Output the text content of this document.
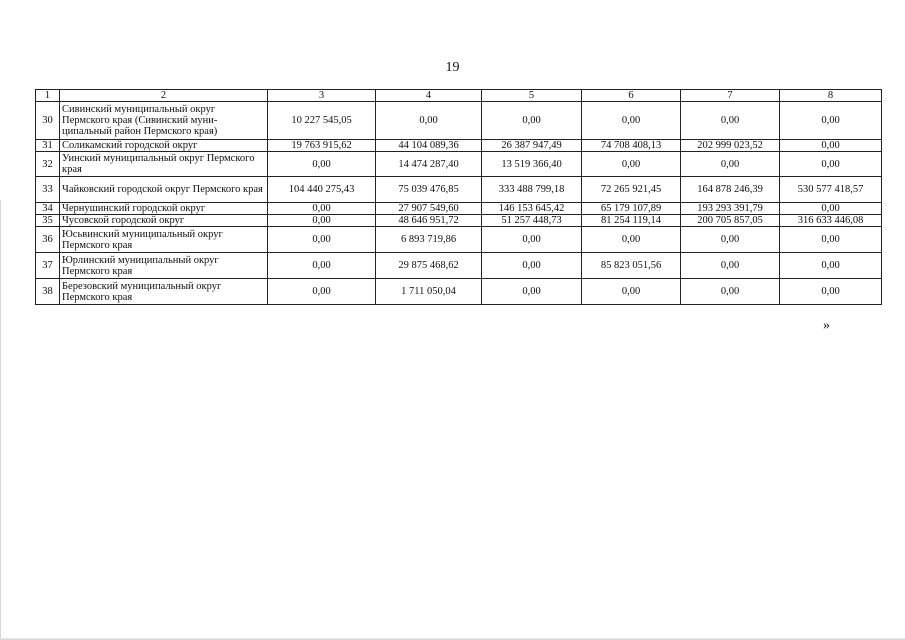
19
1	2	3	4	5	6	7	8
30	Сивинский муниципальный округ Пермского края (Сивинский муни-ципальный район Пермского края)	10 227 545,05	0,00	0,00	0,00	0,00	0,00
31	Соликамский городской округ	19 763 915,62	44 104 089,36	26 387 947,49	74 708 408,13	202 999 023,52	0,00
32	Уинский муниципальный округ Пермского края	0,00	14 474 287,40	13 519 366,40	0,00	0,00	0,00
33	Чайковский городской округ Пермского края	104 440 275,43	75 039 476,85	333 488 799,18	72 265 921,45	164 878 246,39	530 577 418,57
34	Чернушинский городской округ	0,00	27 907 549,60	146 153 645,42	65 179 107,89	193 293 391,79	0,00
35	Чусовской городской округ	0,00	48 646 951,72	51 257 448,73	81 254 119,14	200 705 857,05	316 633 446,08
36	Юсьвинский муниципальный округ Пермского края	0,00	6 893 719,86	0,00	0,00	0,00	0,00
37	Юрлинский муниципальный округ Пермского края	0,00	29 875 468,62	0,00	85 823 051,56	0,00	0,00
38	Березовский муниципальный округ Пермского края	0,00	1 711 050,04	0,00	0,00	0,00	0,00
»
